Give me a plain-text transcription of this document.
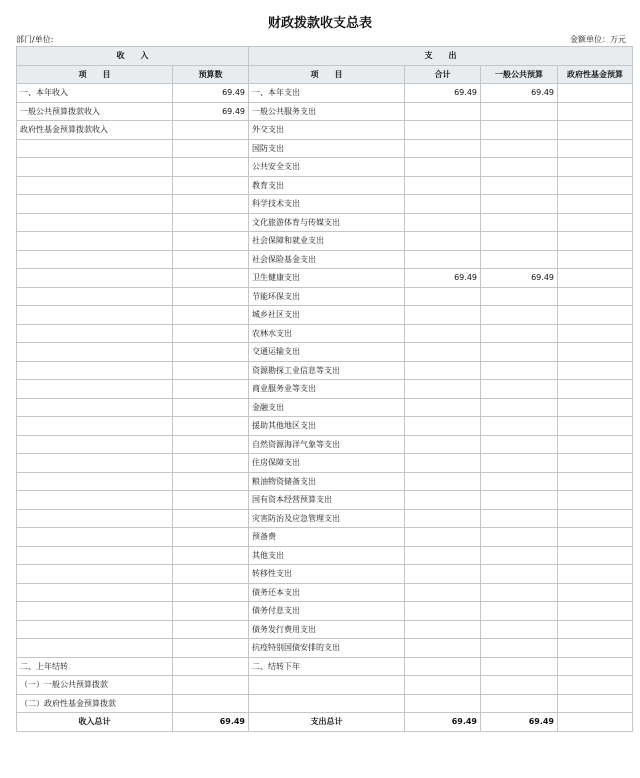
财政拨款收支总表
部门/单位:	金额单位：万元
收　　入		支　　出			
项　　目	预算数	项　　目	合计	一般公共预算	政府性基金预算
一、本年收入	69.49	一、本年支出	69.49	69.49	
一般公共预算拨款收入	69.49	一般公共服务支出			
政府性基金预算拨款收入		外交支出			
		国防支出			
		公共安全支出			
		教育支出			
		科学技术支出			
		文化旅游体育与传媒支出			
		社会保障和就业支出			
		社会保险基金支出			
		卫生健康支出	69.49	69.49	
		节能环保支出			
		城乡社区支出			
		农林水支出			
		交通运输支出			
		资源勘探工业信息等支出			
		商业服务业等支出			
		金融支出			
		援助其他地区支出			
		自然资源海洋气象等支出			
		住房保障支出			
		粮油物资储备支出			
		国有资本经营预算支出			
		灾害防治及应急管理支出			
		预备费			
		其他支出			
		转移性支出			
		债务还本支出			
		债务付息支出			
		债务发行费用支出			
		抗疫特别国债安排的支出			
二、上年结转		二、结转下年			
（一）一般公共预算拨款					
（二）政府性基金预算拨款					
收入总计	69.49	支出总计	69.49	69.49	
